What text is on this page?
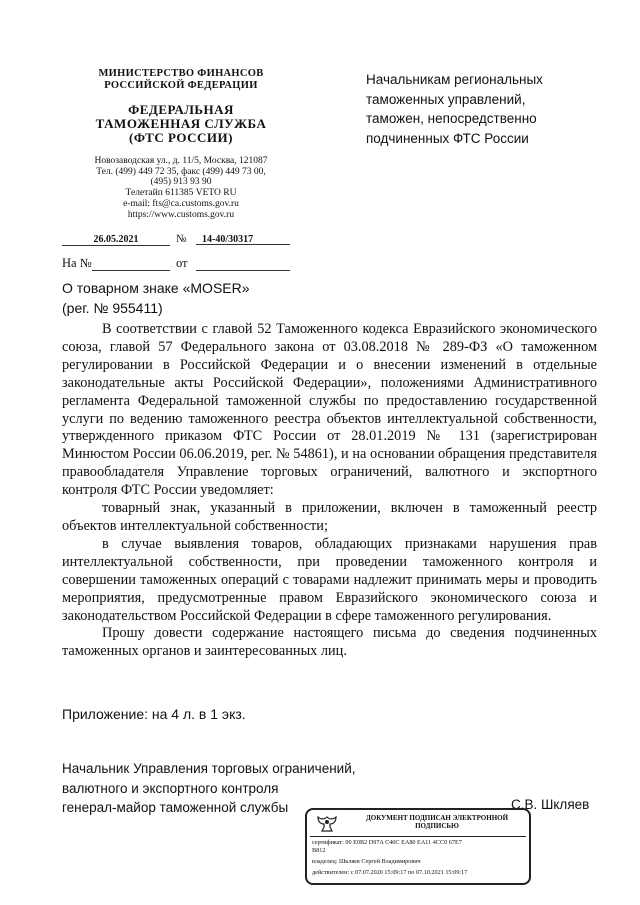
МИНИСТЕРСТВО ФИНАНСОВ
РОССИЙСКОЙ ФЕДЕРАЦИИ
ФЕДЕРАЛЬНАЯ
ТАМОЖЕННАЯ СЛУЖБА
(ФТС РОССИИ)
Новозаводская ул., д. 11/5, Москва, 121087
Тел. (499) 449 72 35, факс (499) 449 73 00,
(495) 913 93 90
Телетайп 611385 VETO RU
e-mail: fts@ca.customs.gov.ru
https://www.customs.gov.ru
26.05.2021	№	14-40/30317
На №	от
Начальникам региональных
таможенных управлений,
таможен, непосредственно
подчиненных ФТС России
О товарном знаке «MOSER»
(рег. № 955411)

В соответствии с главой 52 Таможенного кодекса Евразийского экономического союза, главой 57 Федерального закона от 03.08.2018 № 289-ФЗ «О таможенном регулировании в Российской Федерации и о внесении изменений в отдельные законодательные акты Российской Федерации», положениями Административного регламента Федеральной таможенной службы по предоставлению государственной услуги по ведению таможенного реестра объектов интеллектуальной собственности, утвержденного приказом ФТС России от 28.01.2019 № 131 (зарегистрирован Минюстом России 06.06.2019, рег. № 54861), и на основании обращения представителя правообладателя Управление торговых ограничений, валютного и экспортного контроля ФТС России уведомляет:

товарный знак, указанный в приложении, включен в таможенный реестр объектов интеллектуальной собственности;

в случае выявления товаров, обладающих признаками нарушения прав интеллектуальной собственности, при проведении таможенного контроля и совершении таможенных операций с товарами надлежит принимать меры и проводить мероприятия, предусмотренные правом Евразийского экономического союза и законодательством Российской Федерации в сфере таможенного регулирования.

Прошу довести содержание настоящего письма до сведения подчиненных таможенных органов и заинтересованных лиц.

Приложение: на 4 л. в 1 экз.
Начальник Управления торговых ограничений,
валютного и экспортного контроля
генерал-майор таможенной службы	С.В. Шкляев
ДОКУМЕНТ ПОДПИСАН ЭЛЕКТРОННОЙ
ПОДПИСЬЮ
сертификат: 00 E0B2 D97A C40C EA80 EA11 4CC0 67E7
B812
владелец: Шкляев Сергей Владимирович
действителен: с 07.07.2020 15:09:17 по 07.10.2021 15:09:17
